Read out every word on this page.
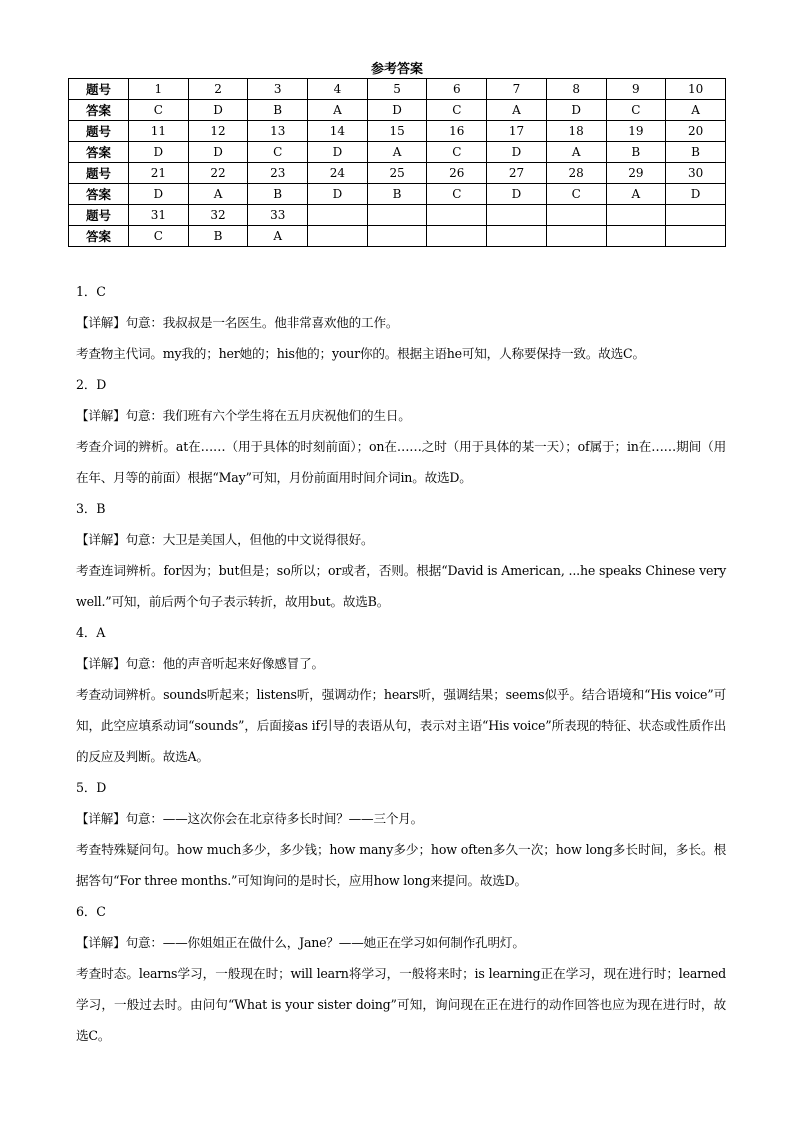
参考答案
题号	1	2	3	4	5	6	7	8	9	10
答案	C	D	B	A	D	C	A	D	C	A
题号	11	12	13	14	15	16	17	18	19	20
答案	D	D	C	D	A	C	D	A	B	B
题号	21	22	23	24	25	26	27	28	29	30
答案	D	A	B	D	B	C	D	C	A	D
题号	31	32	33							
答案	C	B	A							
1．C
【详解】句意：我叔叔是一名医生。他非常喜欢他的工作。
考查物主代词。my我的；her她的；his他的；your你的。根据主语he可知，人称要保持一致。故选C。
2．D
【详解】句意：我们班有六个学生将在五月庆祝他们的生日。
考查介词的辨析。at在……（用于具体的时刻前面）；on在……之时（用于具体的某一天）；of属于；in在……期间（用在年、月等的前面）根据“May”可知，月份前面用时间介词in。故选D。
3．B
【详解】句意：大卫是美国人，但他的中文说得很好。
考查连词辨析。for因为；but但是；so所以；or或者，否则。根据“David is American, ...he speaks Chinese very well.”可知，前后两个句子表示转折，故用but。故选B。
4．A
【详解】句意：他的声音听起来好像感冒了。
考查动词辨析。sounds听起来；listens听，强调动作；hears听，强调结果；seems似乎。结合语境和“His voice”可知，此空应填系动词“sounds”，后面接as if引导的表语从句，表示对主语“His voice”所表现的特征、状态或性质作出的反应及判断。故选A。
5．D
【详解】句意：——这次你会在北京待多长时间？——三个月。
考查特殊疑问句。how much多少，多少钱；how many多少；how often多久一次；how long多长时间，多长。根据答句“For three months.”可知询问的是时长，应用how long来提问。故选D。
6．C
【详解】句意：——你姐姐正在做什么，Jane？——她正在学习如何制作孔明灯。
考查时态。learns学习，一般现在时；will learn将学习，一般将来时；is learning正在学习，现在进行时；learned学习，一般过去时。由问句“What is your sister doing”可知，询问现在正在进行的动作回答也应为现在进行时，故选C。
